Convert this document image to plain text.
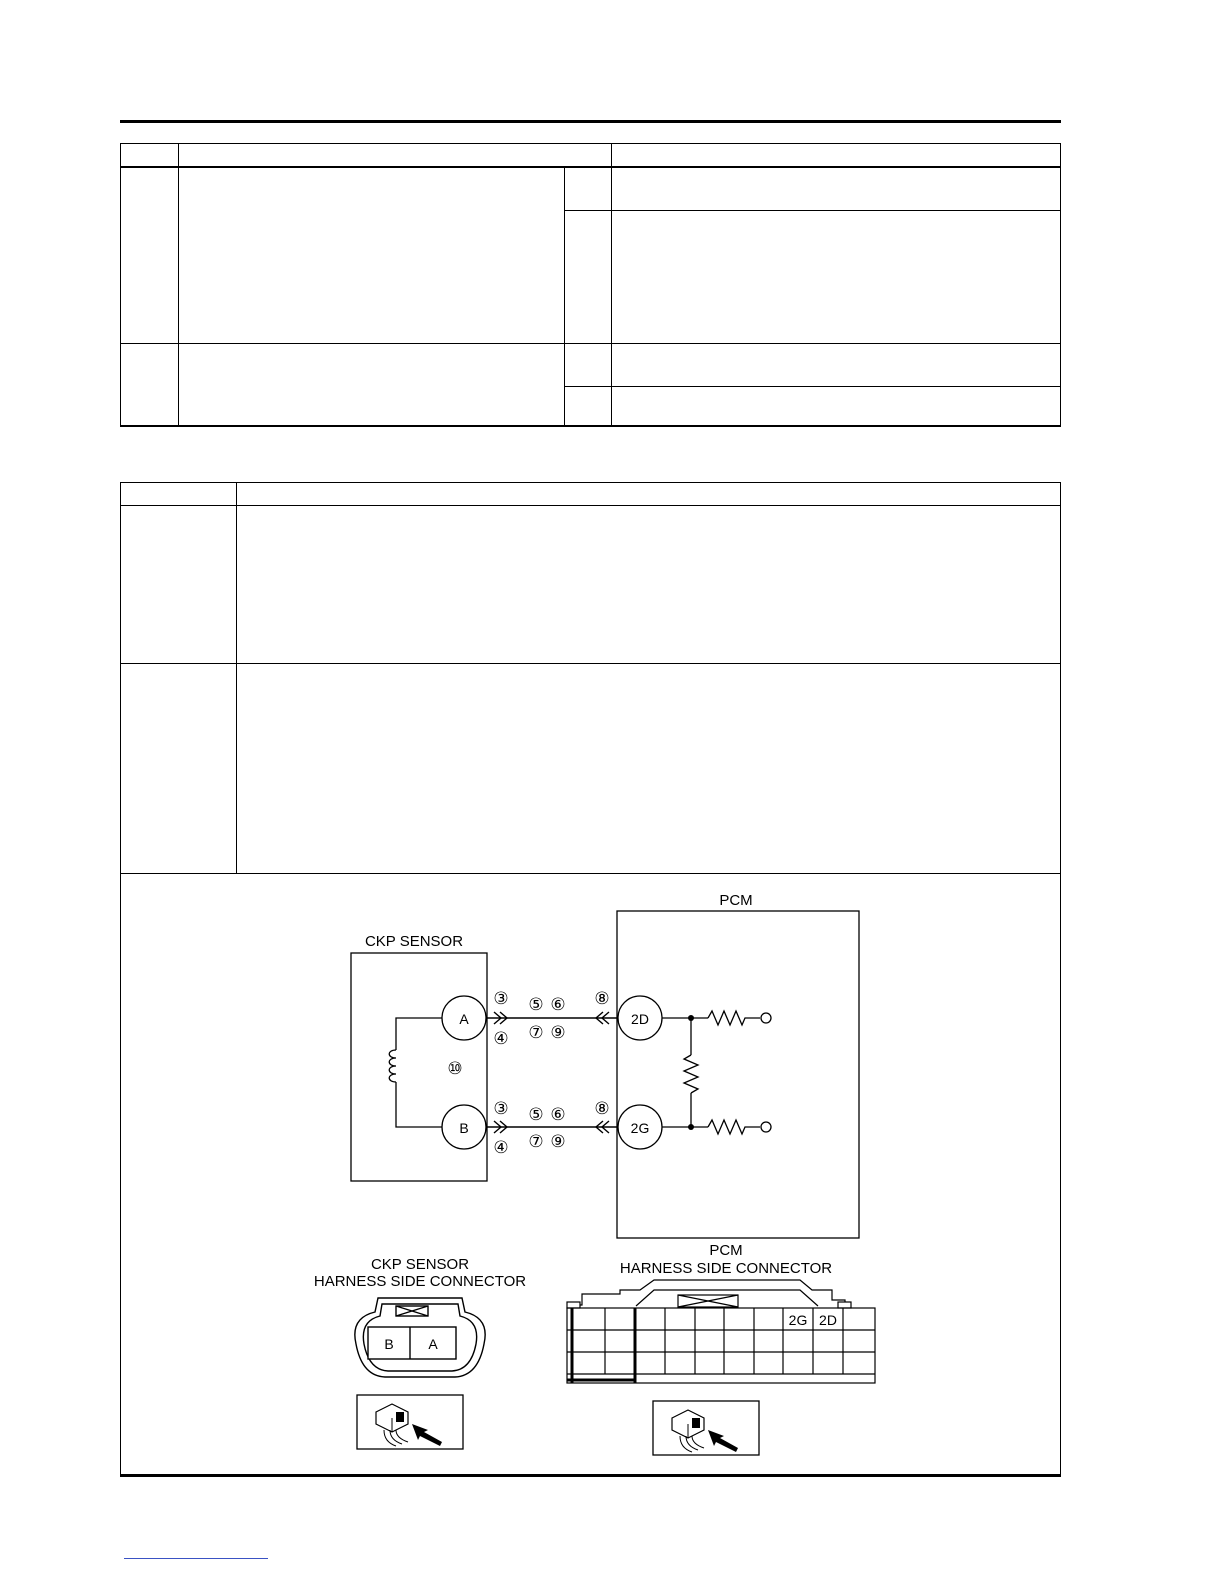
CKP SENSOR
PCM
A
B
2D
2G
③
④
⑤ ⑥
⑦ ⑨
⑧
⑩
③
④
⑤ ⑥
⑦ ⑨
⑧
CKP SENSOR
HARNESS SIDE CONNECTOR
B A
PCM
HARNESS SIDE CONNECTOR
2G 2D
